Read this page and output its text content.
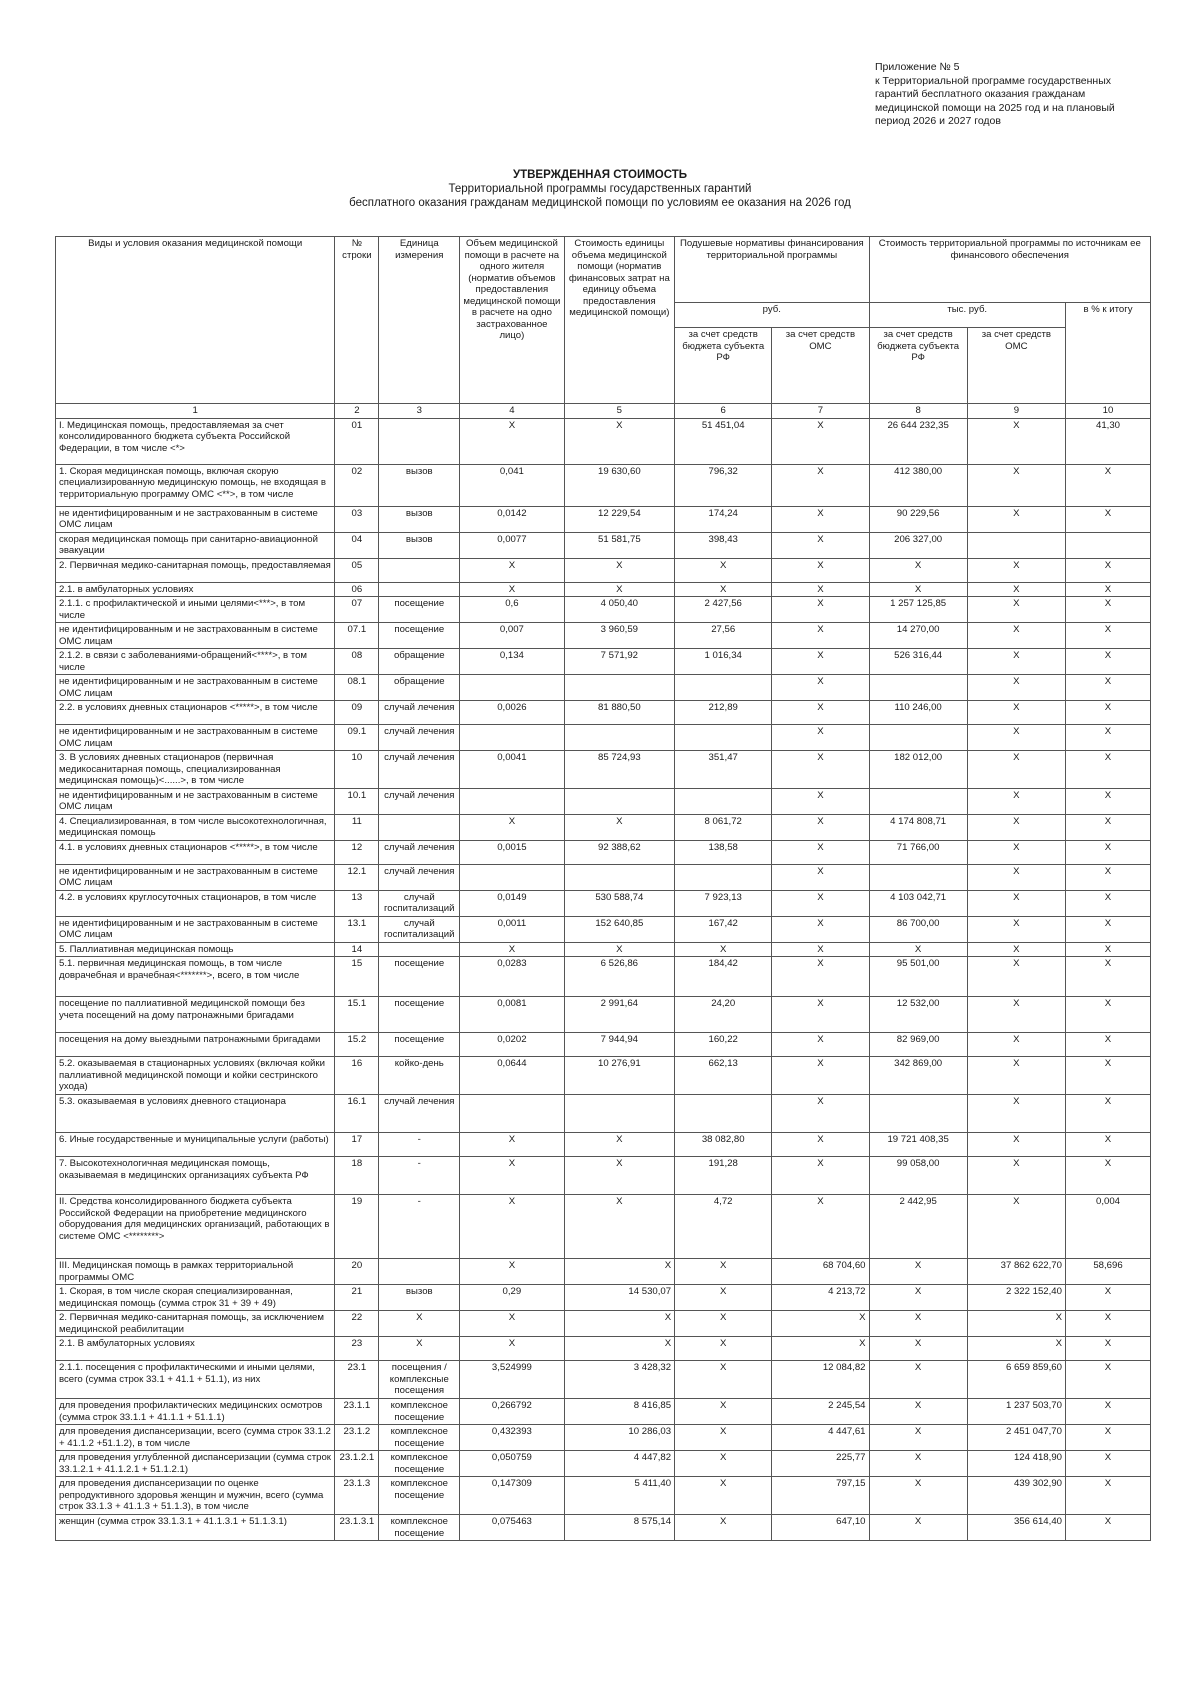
Приложение № 5
к Территориальной программе государственных
гарантий бесплатного оказания гражданам
медицинской помощи на 2025 год и на плановый
период 2026 и 2027 годов
УТВЕРЖДЕННАЯ СТОИМОСТЬ
Территориальной программы государственных гарантий
бесплатного оказания гражданам медицинской помощи по условиям ее оказания на 2026 год
Виды и условия оказания медицинской помощи	№ строки	Единица измерения	Объем медицинской помощи в расчете на одного жителя (норматив объемов предоставления медицинской помощи в расчете на одно застрахованное лицо)	Стоимость единицы объема медицинской помощи (норматив финансовых затрат на единицу объема предоставления медицинской помощи)	Подушевые нормативы финансирования территориальной программы		Стоимость территориальной программы по источникам ее финансового обеспечения		
					руб.		тыс. руб.		в % к итогу
					за счет средств бюджета субъекта РФ	за счет средств ОМС	за счет средств бюджета субъекта РФ	за счет средств ОМС	
1	2	3	4	5	6	7	8	9	10
I. Медицинская помощь, предоставляемая за счет консолидированного бюджета субъекта Российской Федерации, в том числе <*>	01		X	X	51 451,04	X	26 644 232,35	X	41,30
1. Скорая медицинская помощь, включая скорую специализированную медицинскую помощь, не входящая в территориальную программу ОМС <**>, в том числе	02	вызов	0,041	19 630,60	796,32	X	412 380,00	X	X
не идентифицированным и не застрахованным в системе ОМС лицам	03	вызов	0,0142	12 229,54	174,24	X	90 229,56	X	X
скорая медицинская помощь при санитарно-авиационной эвакуации	04	вызов	0,0077	51 581,75	398,43	X	206 327,00		
2. Первичная медико-санитарная помощь, предоставляемая	05		X	X	X	X	X	X	X
2.1. в амбулаторных условиях	06		X	X	X	X	X	X	X
2.1.1. с профилактической и иными целями<***>, в том числе	07	посещение	0,6	4 050,40	2 427,56	X	1 257 125,85	X	X
не идентифицированным и не застрахованным в системе ОМС лицам	07.1	посещение	0,007	3 960,59	27,56	X	14 270,00	X	X
2.1.2. в связи с заболеваниями-обращений<****>, в том числе	08	обращение	0,134	7 571,92	1 016,34	X	526 316,44	X	X
не идентифицированным и не застрахованным в системе ОМС лицам	08.1	обращение				X		X	X
2.2. в условиях дневных стационаров <*****>, в том числе	09	случай лечения	0,0026	81 880,50	212,89	X	110 246,00	X	X
не идентифицированным и не застрахованным в системе ОМС лицам	09.1	случай лечения				X		X	X
3. В условиях дневных стационаров (первичная медикосанитарная помощь, специализированная медицинская помощь)<......>, в том числе	10	случай лечения	0,0041	85 724,93	351,47	X	182 012,00	X	X
не идентифицированным и не застрахованным в системе ОМС лицам	10.1	случай лечения				X		X	X
4. Специализированная, в том числе высокотехнологичная, медицинская помощь	11		X	X	8 061,72	X	4 174 808,71	X	X
4.1. в условиях дневных стационаров <*****>, в том числе	12	случай лечения	0,0015	92 388,62	138,58	X	71 766,00	X	X
не идентифицированным и не застрахованным в системе ОМС лицам	12.1	случай лечения				X		X	X
4.2. в условиях круглосуточных стационаров, в том числе	13	случай госпитализаций	0,0149	530 588,74	7 923,13	X	4 103 042,71	X	X
не идентифицированным и не застрахованным в системе ОМС лицам	13.1	случай госпитализаций	0,0011	152 640,85	167,42	X	86 700,00	X	X
5. Паллиативная медицинская помощь	14		X	X	X	X	X	X	X
5.1. первичная медицинская помощь, в том числе доврачебная и врачебная<*******>, всего, в том числе	15	посещение	0,0283	6 526,86	184,42	X	95 501,00	X	X
посещение по паллиативной медицинской помощи без учета посещений на дому патронажными бригадами	15.1	посещение	0,0081	2 991,64	24,20	X	12 532,00	X	X
посещения на дому выездными патронажными бригадами	15.2	посещение	0,0202	7 944,94	160,22	X	82 969,00	X	X
5.2. оказываемая в стационарных условиях (включая койки паллиативной медицинской помощи и койки сестринского ухода)	16	койко-день	0,0644	10 276,91	662,13	X	342 869,00	X	X
5.3. оказываемая в условиях дневного стационара	16.1	случай лечения				X		X	X
6. Иные государственные и муниципальные услуги (работы)	17	-	X	X	38 082,80	X	19 721 408,35	X	X
7. Высокотехнологичная медицинская помощь, оказываемая в медицинских организациях субъекта РФ	18	-	X	X	191,28	X	99 058,00	X	X
II. Средства консолидированного бюджета субъекта Российской Федерации на приобретение медицинского оборудования для медицинских организаций, работающих в системе ОМС <********>	19	-	X	X	4,72	X	2 442,95	X	0,004
III. Медицинская помощь в рамках территориальной программы ОМС	20		X	X	X	68 704,60	X	37 862 622,70	58,696
1. Скорая, в том числе скорая специализированная, медицинская помощь (сумма строк 31 + 39 + 49)	21	вызов	0,29	14 530,07	X	4 213,72	X	2 322 152,40	X
2. Первичная медико-санитарная помощь, за исключением медицинской реабилитации	22	X	X	X	X	X	X	X	X
2.1. В амбулаторных условиях	23	X	X	X	X	X	X	X	X
2.1.1. посещения с профилактическими и иными целями, всего (сумма строк 33.1 + 41.1 + 51.1), из них	23.1	посещения / комплексные посещения	3,524999	3 428,32	X	12 084,82	X	6 659 859,60	X
для проведения профилактических медицинских осмотров (сумма строк 33.1.1 + 41.1.1 + 51.1.1)	23.1.1	комплексное посещение	0,266792	8 416,85	X	2 245,54	X	1 237 503,70	X
для проведения диспансеризации, всего (сумма строк 33.1.2 + 41.1.2 +51.1.2), в том числе	23.1.2	комплексное посещение	0,432393	10 286,03	X	4 447,61	X	2 451 047,70	X
для проведения углубленной диспансеризации (сумма строк 33.1.2.1 + 41.1.2.1 + 51.1.2.1)	23.1.2.1	комплексное посещение	0,050759	4 447,82	X	225,77	X	124 418,90	X
для проведения диспансеризации по оценке репродуктивного здоровья женщин и мужчин, всего (сумма строк 33.1.3 + 41.1.3 + 51.1.3), в том числе	23.1.3	комплексное посещение	0,147309	5 411,40	X	797,15	X	439 302,90	X
женщин (сумма строк 33.1.3.1 + 41.1.3.1 + 51.1.3.1)	23.1.3.1	комплексное посещение	0,075463	8 575,14	X	647,10	X	356 614,40	X
